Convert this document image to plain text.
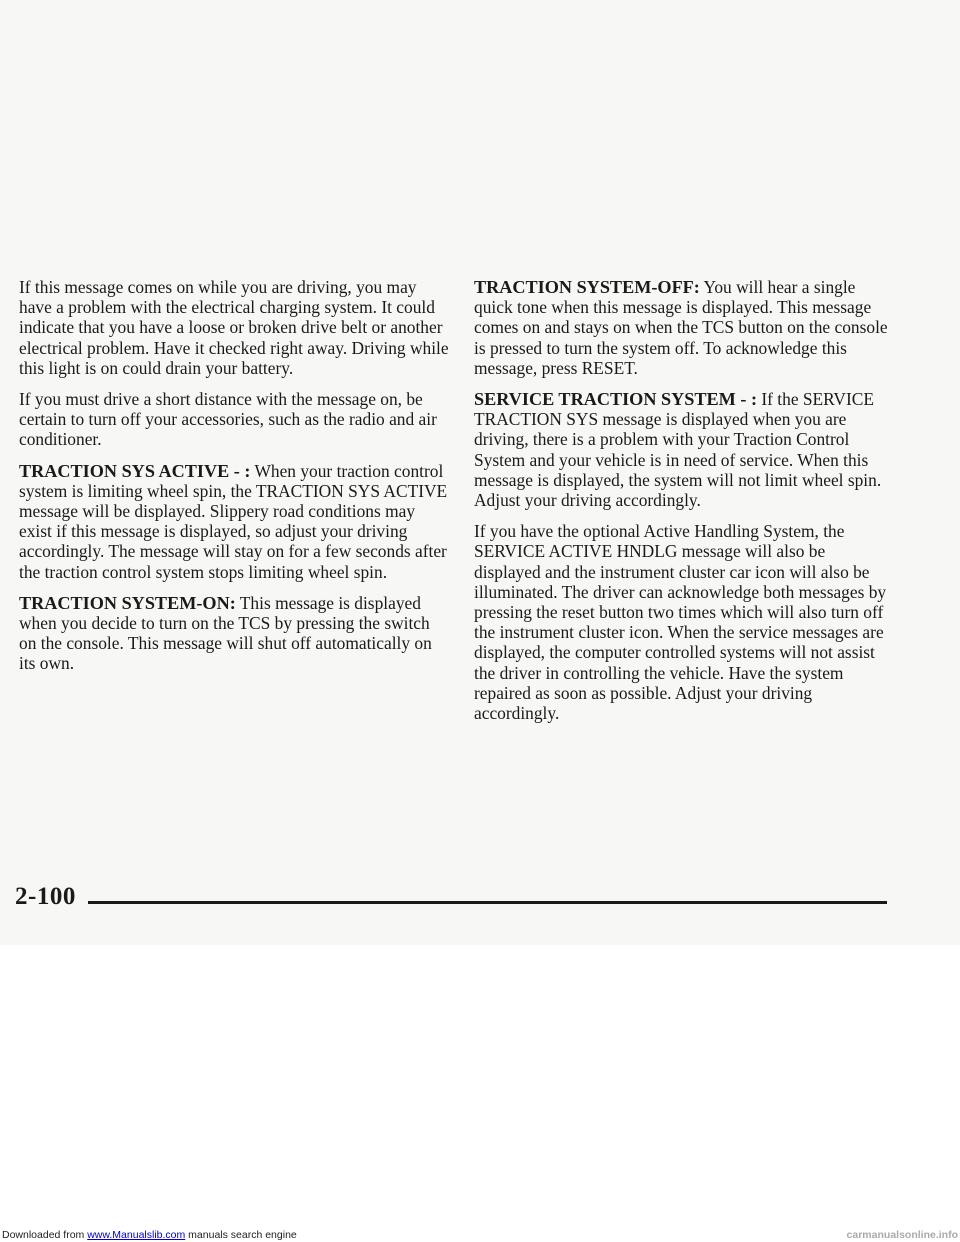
If this message comes on while you are driving, you may have a problem with the electrical charging system. It could indicate that you have a loose or broken drive belt or another electrical problem. Have it checked right away. Driving while this light is on could drain your battery.

If you must drive a short distance with the message on, be certain to turn off your accessories, such as the radio and air conditioner.

TRACTION SYS ACTIVE - : When your traction control system is limiting wheel spin, the TRACTION SYS ACTIVE message will be displayed. Slippery road conditions may exist if this message is displayed, so adjust your driving accordingly. The message will stay on for a few seconds after the traction control system stops limiting wheel spin.

TRACTION SYSTEM-ON: This message is displayed when you decide to turn on the TCS by pressing the switch on the console. This message will shut off automatically on its own.

TRACTION SYSTEM-OFF: You will hear a single quick tone when this message is displayed. This message comes on and stays on when the TCS button on the console is pressed to turn the system off. To acknowledge this message, press RESET.

SERVICE TRACTION SYSTEM - : If the SERVICE TRACTION SYS message is displayed when you are driving, there is a problem with your Traction Control System and your vehicle is in need of service. When this message is displayed, the system will not limit wheel spin. Adjust your driving accordingly.

If you have the optional Active Handling System, the SERVICE ACTIVE HNDLG message will also be displayed and the instrument cluster car icon will also be illuminated. The driver can acknowledge both messages by pressing the reset button two times which will also turn off the instrument cluster icon. When the service messages are displayed, the computer controlled systems will not assist the driver in controlling the vehicle. Have the system repaired as soon as possible. Adjust your driving accordingly.

2-100
Downloaded from www.Manualslib.com manuals search engine	carmanualsonline.info
